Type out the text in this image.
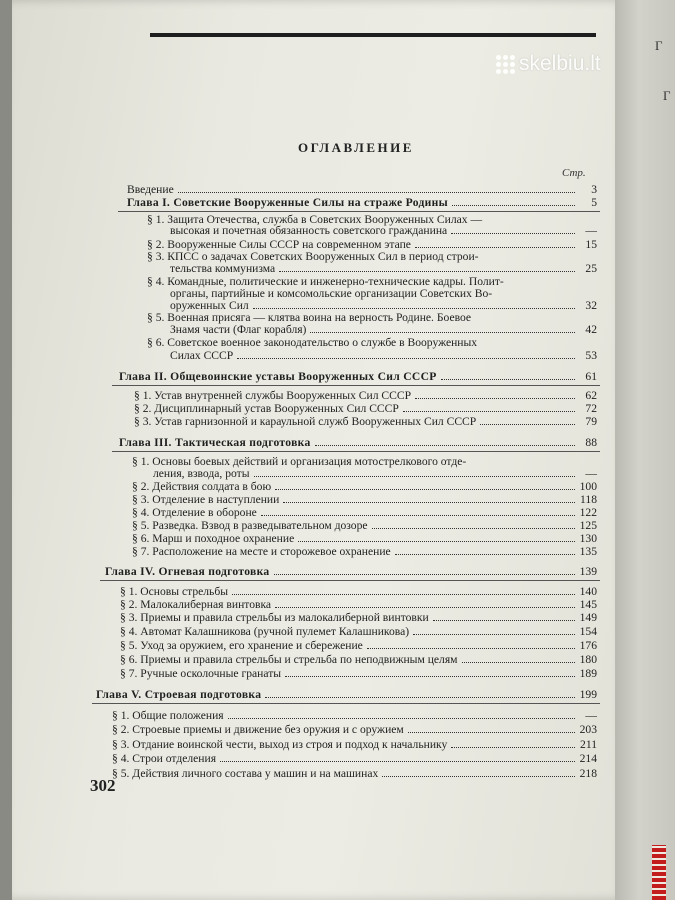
Г
Г
skelbiu.lt
ОГЛАВЛЕНИЕ
Стр.
Введение	3
Глава I. Советские Вооруженные Силы на страже Родины	5
§ 1. Защита Отечества, служба в Советских Вооруженных Силах —
высокая и почетная обязанность советского гражданина	—
§ 2. Вооруженные Силы СССР на современном этапе	15
§ 3. КПСС о задачах Советских Вооруженных Сил в период строи-
тельства коммунизма	25
§ 4. Командные, политические и инженерно-технические кадры. Полит-
органы, партийные и комсомольские организации Советских Во-
оруженных Сил	32
§ 5. Военная присяга — клятва воина на верность Родине. Боевое
Знамя части (Флаг корабля)	42
§ 6. Советское военное законодательство о службе в Вооруженных
Силах СССР	53
Глава II. Общевоинские уставы Вооруженных Сил СССР	61
§ 1. Устав внутренней службы Вооруженных Сил СССР	62
§ 2. Дисциплинарный устав Вооруженных Сил СССР	72
§ 3. Устав гарнизонной и караульной служб Вооруженных Сил СССР	79
Глава III. Тактическая подготовка	88
§ 1. Основы боевых действий и организация мотострелкового отде-
ления, взвода, роты	—
§ 2. Действия солдата в бою	100
§ 3. Отделение в наступлении	118
§ 4. Отделение в обороне	122
§ 5. Разведка. Взвод в разведывательном дозоре	125
§ 6. Марш и походное охранение	130
§ 7. Расположение на месте и сторожевое охранение	135
Глава IV. Огневая подготовка	139
§ 1. Основы стрельбы	140
§ 2. Малокалиберная винтовка	145
§ 3. Приемы и правила стрельбы из малокалиберной винтовки	149
§ 4. Автомат Калашникова (ручной пулемет Калашникова)	154
§ 5. Уход за оружием, его хранение и сбережение	176
§ 6. Приемы и правила стрельбы и стрельба по неподвижным целям	180
§ 7. Ручные осколочные гранаты	189
Глава V. Строевая подготовка	199
§ 1. Общие положения	—
§ 2. Строевые приемы и движение без оружия и с оружием	203
§ 3. Отдание воинской чести, выход из строя и подход к начальнику	211
§ 4. Строи отделения	214
§ 5. Действия личного состава у машин и на машинах	218
302
